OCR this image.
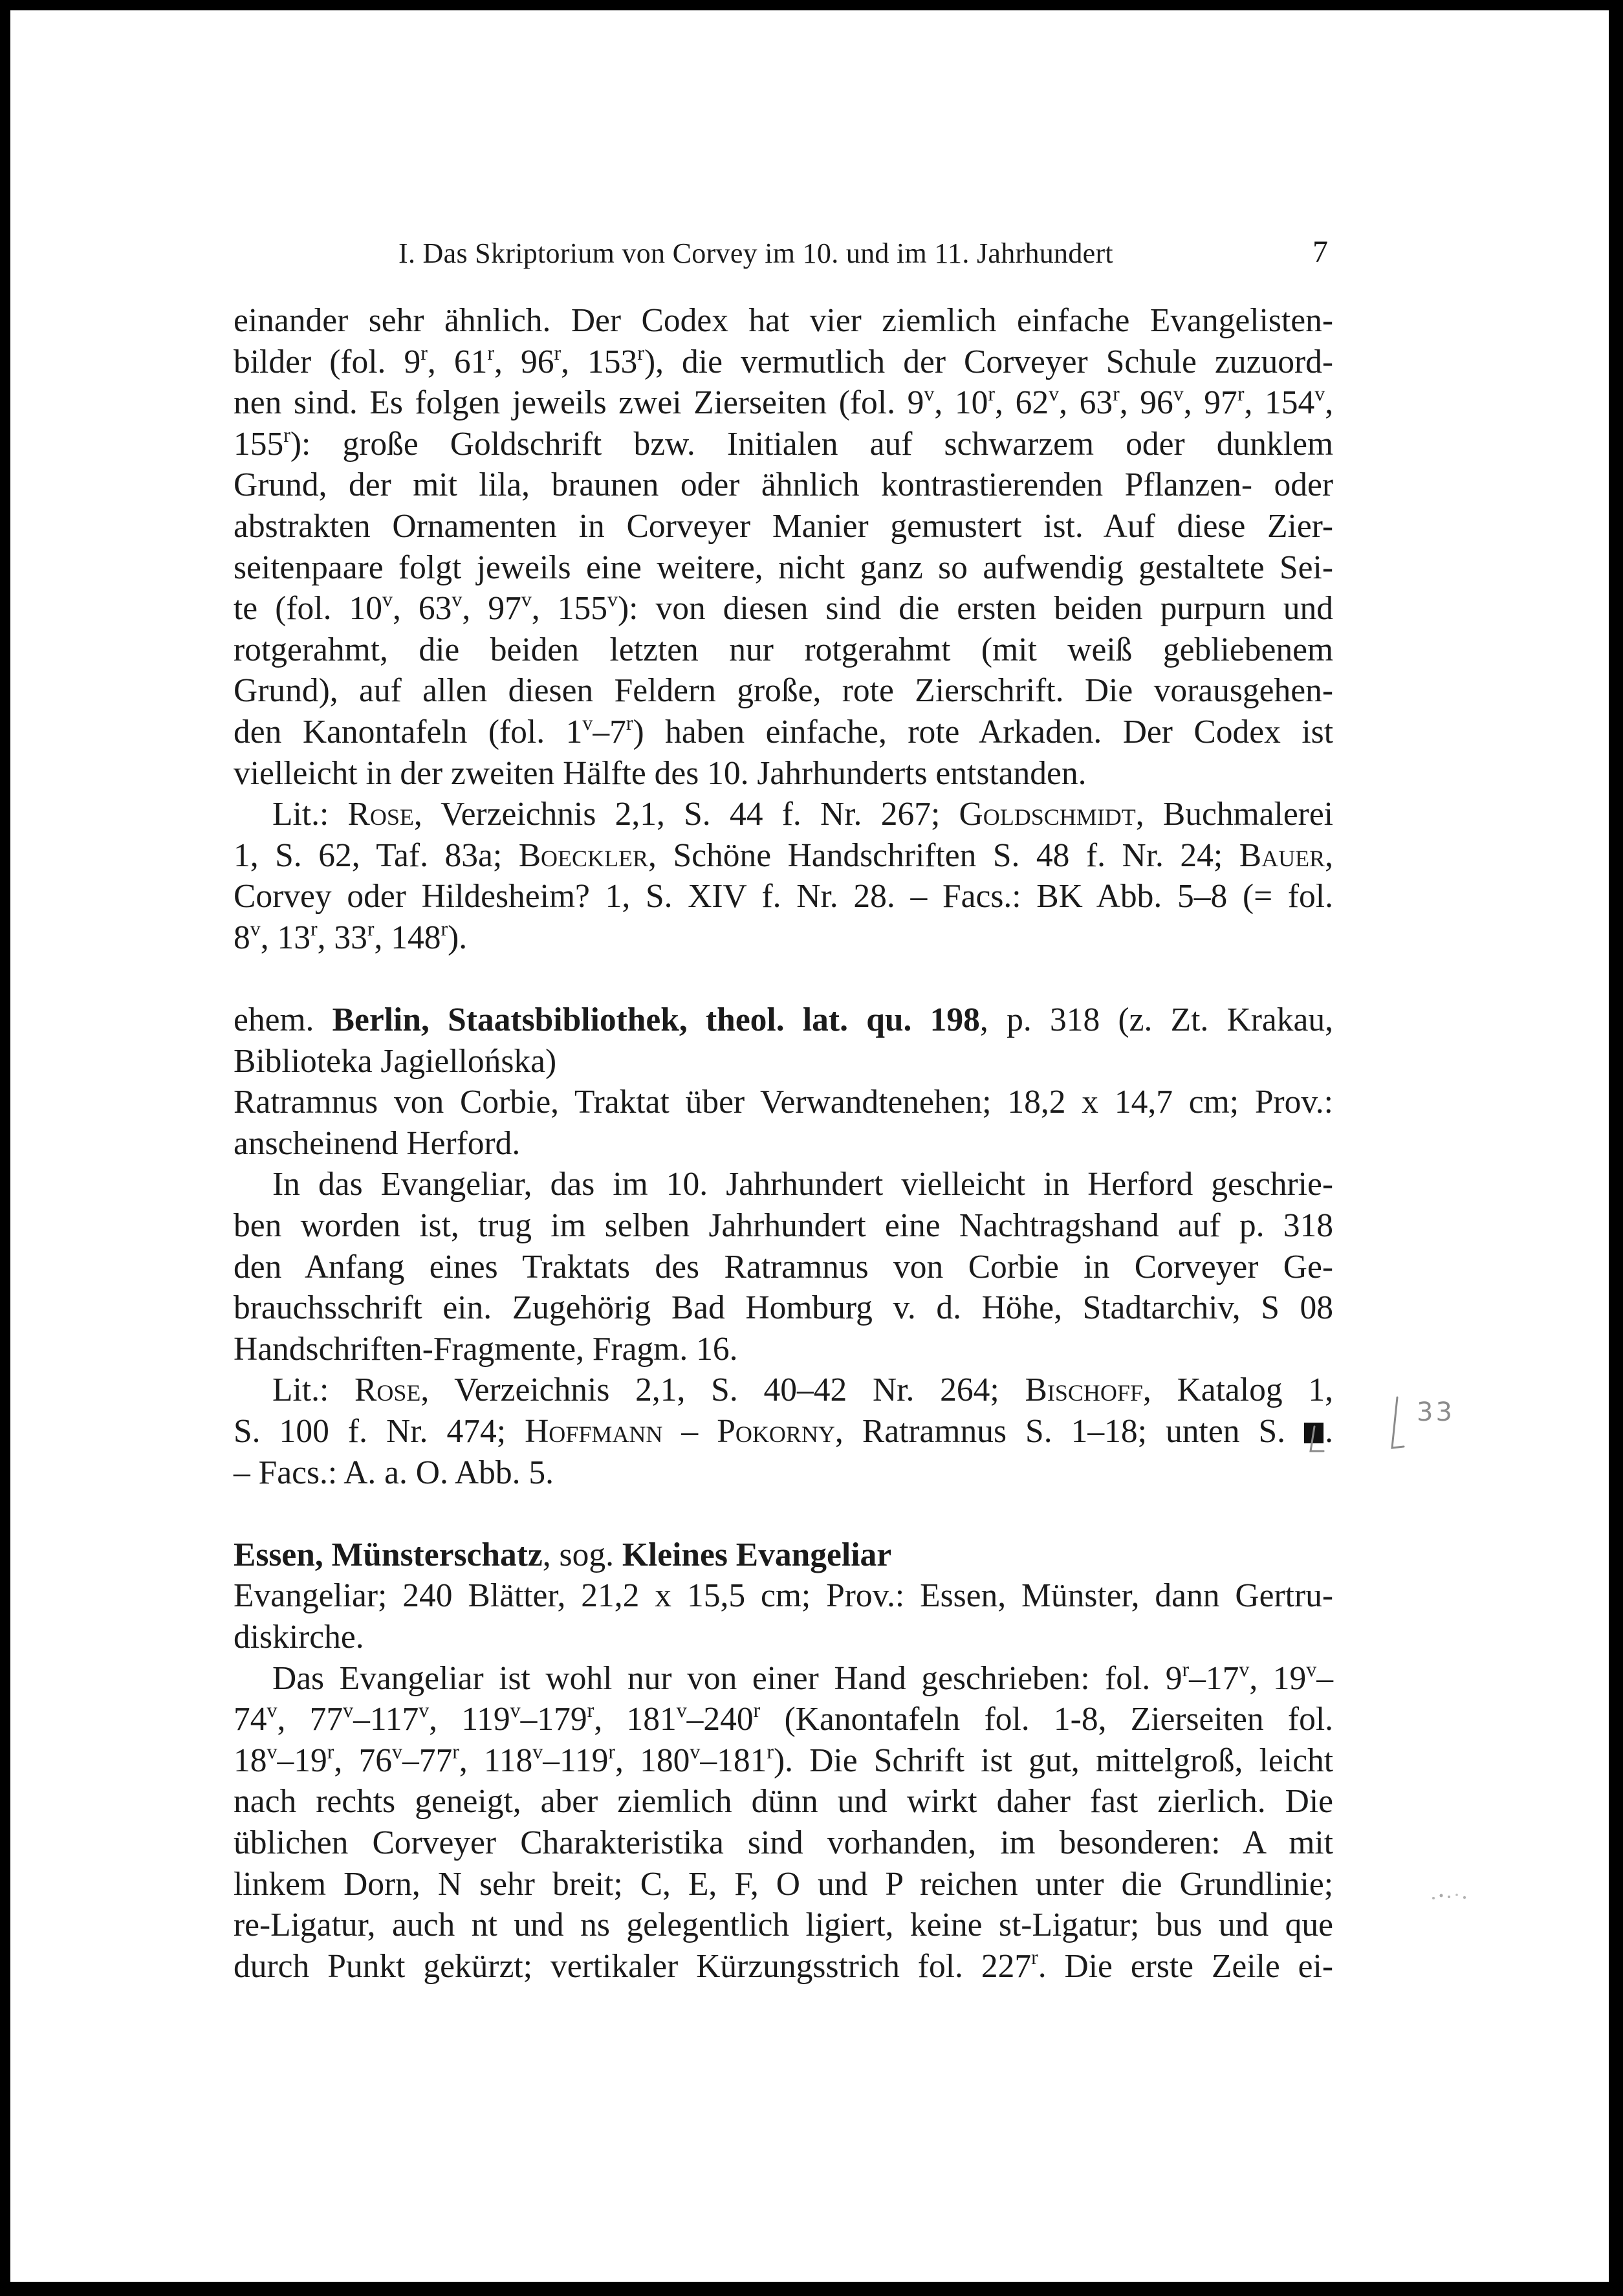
I. Das Skriptorium von Corvey im 10. und im 11. Jahrhundert	7
einander sehr ähnlich. Der Codex hat vier ziemlich einfache Evangelisten-
bilder (fol. 9$^r$, 61$^r$, 96$^r$, 153$^r$), die vermutlich der Corveyer Schule zuzuord-
nen sind. Es folgen jeweils zwei Zierseiten (fol. 9$^v$, 10$^r$, 62$^v$, 63$^r$, 96$^v$, 97$^r$, 154$^v$,
155$^r$): große Goldschrift bzw. Initialen auf schwarzem oder dunklem
Grund, der mit lila, braunen oder ähnlich kontrastierenden Pflanzen- oder
abstrakten Ornamenten in Corveyer Manier gemustert ist. Auf diese Zier-
seitenpaare folgt jeweils eine weitere, nicht ganz so aufwendig gestaltete Sei-
te (fol. 10$^v$, 63$^v$, 97$^v$, 155$^v$): von diesen sind die ersten beiden purpurn und
rotgerahmt, die beiden letzten nur rotgerahmt (mit weiß gebliebenem
Grund), auf allen diesen Feldern große, rote Zierschrift. Die vorausgehen-
den Kanontafeln (fol. 1$^v$–7$^r$) haben einfache, rote Arkaden. Der Codex ist
vielleicht in der zweiten Hälfte des 10. Jahrhunderts entstanden.
Lit.: Rose, Verzeichnis 2,1, S. 44 f. Nr. 267; Goldschmidt, Buchmalerei
1, S. 62, Taf. 83a; Boeckler, Schöne Handschriften S. 48 f. Nr. 24; Bauer,
Corvey oder Hildesheim? 1, S. XIV f. Nr. 28. – Facs.: BK Abb. 5–8 (= fol.
8$^v$, 13$^r$, 33$^r$, 148$^r$).
ehem. Berlin, Staatsbibliothek, theol. lat. qu. 198, p. 318 (z. Zt. Krakau,
Biblioteka Jagiellońska)
Ratramnus von Corbie, Traktat über Verwandtenehen; 18,2 x 14,7 cm; Prov.:
anscheinend Herford.
In das Evangeliar, das im 10. Jahrhundert vielleicht in Herford geschrie-
ben worden ist, trug im selben Jahrhundert eine Nachtragshand auf p. 318
den Anfang eines Traktats des Ratramnus von Corbie in Corveyer Ge-
brauchsschrift ein. Zugehörig Bad Homburg v. d. Höhe, Stadtarchiv, S 08
Handschriften-Fragmente, Fragm. 16.
Lit.: Rose, Verzeichnis 2,1, S. 40–42 Nr. 264; Bischoff, Katalog 1,
S. 100 f. Nr. 474; Hoffmann – Pokorny, Ratramnus S. 1–18; unten S. .
– Facs.: A. a. O. Abb. 5.
Essen, Münsterschatz, sog. Kleines Evangeliar
Evangeliar; 240 Blätter, 21,2 x 15,5 cm; Prov.: Essen, Münster, dann Gertru-
diskirche.
Das Evangeliar ist wohl nur von einer Hand geschrieben: fol. 9$^r$–17$^v$, 19$^v$–
74$^v$, 77$^v$–117$^v$, 119$^v$–179$^r$, 181$^v$–240$^r$ (Kanontafeln fol. 1-8, Zierseiten fol.
18$^v$–19$^r$, 76$^v$–77$^r$, 118$^v$–119$^r$, 180$^v$–181$^r$). Die Schrift ist gut, mittelgroß, leicht
nach rechts geneigt, aber ziemlich dünn und wirkt daher fast zierlich. Die
üblichen Corveyer Charakteristika sind vorhanden, im besonderen: A mit
linkem Dorn, N sehr breit; C, E, F, O und P reichen unter die Grundlinie;
re-Ligatur, auch nt und ns gelegentlich ligiert, keine st-Ligatur; bus und que
durch Punkt gekürzt; vertikaler Kürzungsstrich fol. 227$^r$. Die erste Zeile ei-
33
